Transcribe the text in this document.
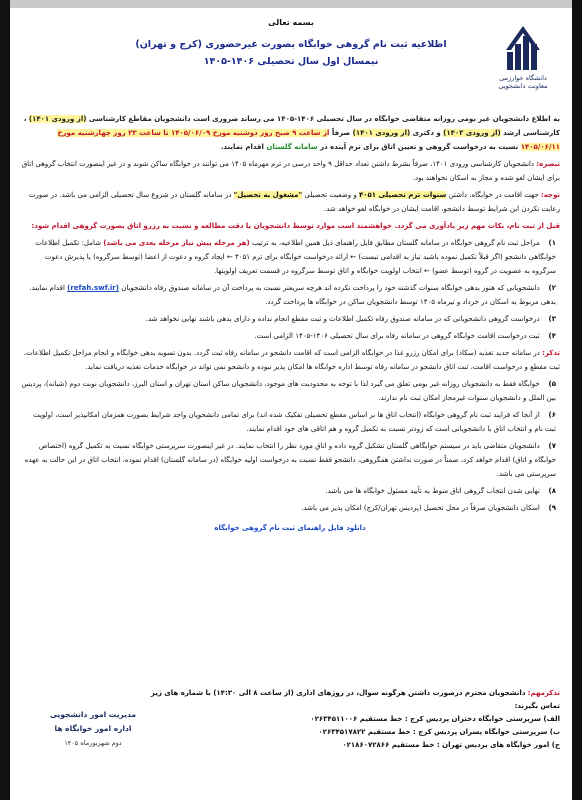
دانشگاه خوارزمی
معاونت دانشجویی
بسمه تعالی
اطلاعیه ثبت نام گروهی خوابگاه بصورت غیرحضوری (کرج و تهران)
نیمسال اول سال تحصیلی ۱۴۰۶-۱۴۰۵

به اطلاع دانشجویان غیر بومی روزانه متقاضی خوابگاه در سال تحصیلی ۱۴۰۶-۱۴۰۵ می رساند ضروری است دانشجویان مقاطع کارشناسی (از ورودی ۱۴۰۱) ، کارشناسی ارشد (از ورودی ۱۴۰۳) و دکتری (از ورودی ۱۴۰۱) صرفاً از ساعت ۹ صبح روز دوشنبه مورخ ۱۴۰۵/۰۶/۰۹ تا ساعت ۲۳ روز چهارشنبه مورخ ۱۴۰۵/۰۶/۱۱ نسبت به درخواست گروهی و تعیین اتاق برای ترم آینده در سامانه گلستان اقدام نمایند.

تبصره: دانشجویان کارشناسی ورودی ۱۴۰۱، صرفاً بشرط داشتن تعداد حداقل ۹ واحد درسی در ترم مهرماه ۱۴۰۵ می توانند در خوابگاه ساکن شوند و در غیر اینصورت انتخاب گروهی اتاق برای ایشان لغو شده و مجاز به اسکان نخواهند بود.

توجه: جهت اقامت در خوابگاه، داشتن سنوات ترم تحصیلی ۴۰۵۱ و وضعیت تحصیلی "مشغول به تحصیل" در سامانه گلستان در شروع سال تحصیلی الزامی می باشد. در صورت رعایت نکردن این شرایط توسط دانشجو، اقامت ایشان در خوابگاه لغو خواهد شد.

قبل از ثبت نام، نکات مهم زیر یادآوری می گردد. خواهشمند است موارد توسط دانشجویان با دقت مطالعه و نسبت به رزرو اتاق بصورت گروهی اقدام شود:

۱) مراحل ثبت نام گروهی خوابگاه در سامانه گلستان مطابق فایل راهنمای ذیل همین اطلاعیه، به ترتیب (هر مرحله پیش نیاز مرحله بعدی می باشد) شامل: تکمیل اطلاعات خوابگاهی دانشجو (اگر قبلاً تکمیل نموده باشید نیاز به اقدامی نیست) ← ارائه درخواست خوابگاه برای ترم ۴۰۵۱ ← ایجاد گروه و دعوت از اعضا (توسط سرگروه) یا پذیرش دعوت سرگروه به عضویت در گروه (توسط عضو) ← انتخاب اولویت خوابگاه و اتاق توسط سرگروه در قسمت تعریف اولویتها.

۲) دانشجویانی که هنوز بدهی خوابگاه سنوات گذشته خود را پرداخت نکرده اند هرچه سریعتر نسبت به پرداخت آن در سامانه صندوق رفاه دانشجویان (refah.swf.ir) اقدام نمایند. بدهی مربوط به اسکان در خرداد و تیرماه ۱۴۰۵ توسط دانشجویان ساکن در خوابگاه ها پرداخت گردد.

۳) درخواست گروهی دانشجویانی که در سامانه صندوق رفاه تکمیل اطلاعات و ثبت مقطع انجام نداده و دارای بدهی باشند نهایی نخواهد شد.

۴) ثبت درخواست اقامت خوابگاه گروهی در سامانه رفاه برای سال تحصیلی ۱۴۰۶-۱۴۰۵ الزامی است.

تذکر: در سامانه جدید تغذیه (سکاد) برای امکان رزرو غذا در خوابگاه الزامی است که اقامت دانشجو در سامانه رفاه ثبت گردد. بدون تسویه بدهی خوابگاه و انجام مراحل تکمیل اطلاعات، ثبت مقطع و درخواست اقامت، ثبت اتاق دانشجو در سامانه رفاه توسط اداره خوابگاه ها امکان پذیر نبوده و دانشجو نمی تواند در خوابگاه خدمات تغذیه دریافت نماید.

۵) خوابگاه فقط به دانشجویان روزانه غیر بومی تعلق می گیرد لذا با توجه به محدودیت های موجود، دانشجویان ساکن استان تهران و استان البرز، دانشجویان نوبت دوم (شبانه)، پردیس بین الملل و دانشجویان سنوات غیرمجاز امکان ثبت نام ندارند.

۶) از آنجا که فرایند ثبت نام گروهی خوابگاه (انتخاب اتاق ها بر اساس مقطع تحصیلی تفکیک شده اند) برای تمامی دانشجویان واجد شرایط بصورت همزمان امکانپذیر است، اولویت ثبت نام و انتخاب اتاق با دانشجویانی است که زودتر نسبت به تکمیل گروه و هم اتاقی های خود اقدام نمایند.

۷) دانشجویان متقاضی باید در سیستم خوابگاهی گلستان تشکیل گروه داده و اتاق مورد نظر را انتخاب نمایند. در غیر اینصورت سرپرستی خوابگاه نسبت به تکمیل گروه (اختصاص خوابگاه و اتاق) اقدام خواهد کرد، ضمناً در صورت نداشتن همگروهی، دانشجو فقط نسبت به درخواست اولیه خوابگاه (در سامانه گلستان) اقدام نموده، انتخاب اتاق در این حالت به عهده سرپرستی می باشد.

۸) نهایی شدن انتخاب گروهی اتاق منوط به تأیید مسئول خوابگاه ها می باشد.

۹) اسکان دانشجویان صرفاً در محل تحصیل (پردیس تهران/کرج) امکان پذیر می باشد.

دانلود فایل راهنمای ثبت نام گروهی خوابگاه
تذکرمهم: دانشجویان محترم درصورت داشتن هرگونه سوال، در روزهای اداری (از ساعت ۸ الی ۱۴:۳۰) با شماره های زیر تماس بگیرند:
الف) سرپرستی خوابگاه دختران پردیس کرج : خط مستقیم ۰۲۶۳۴۵۱۱۰۰۶
ب) سرپرستی خوابگاه پسران پردیس کرج : خط مستقیم ۰۲۶۳۴۵۱۷۸۲۲
ج) امور خوابگاه های پردیس تهران : خط مستقیم ۰۲۱۸۶۰۷۲۸۶۶
مدیریت امور دانشجویی
اداره امور خوابگاه ها
دوم شهریورماه ۱۴۰۵
